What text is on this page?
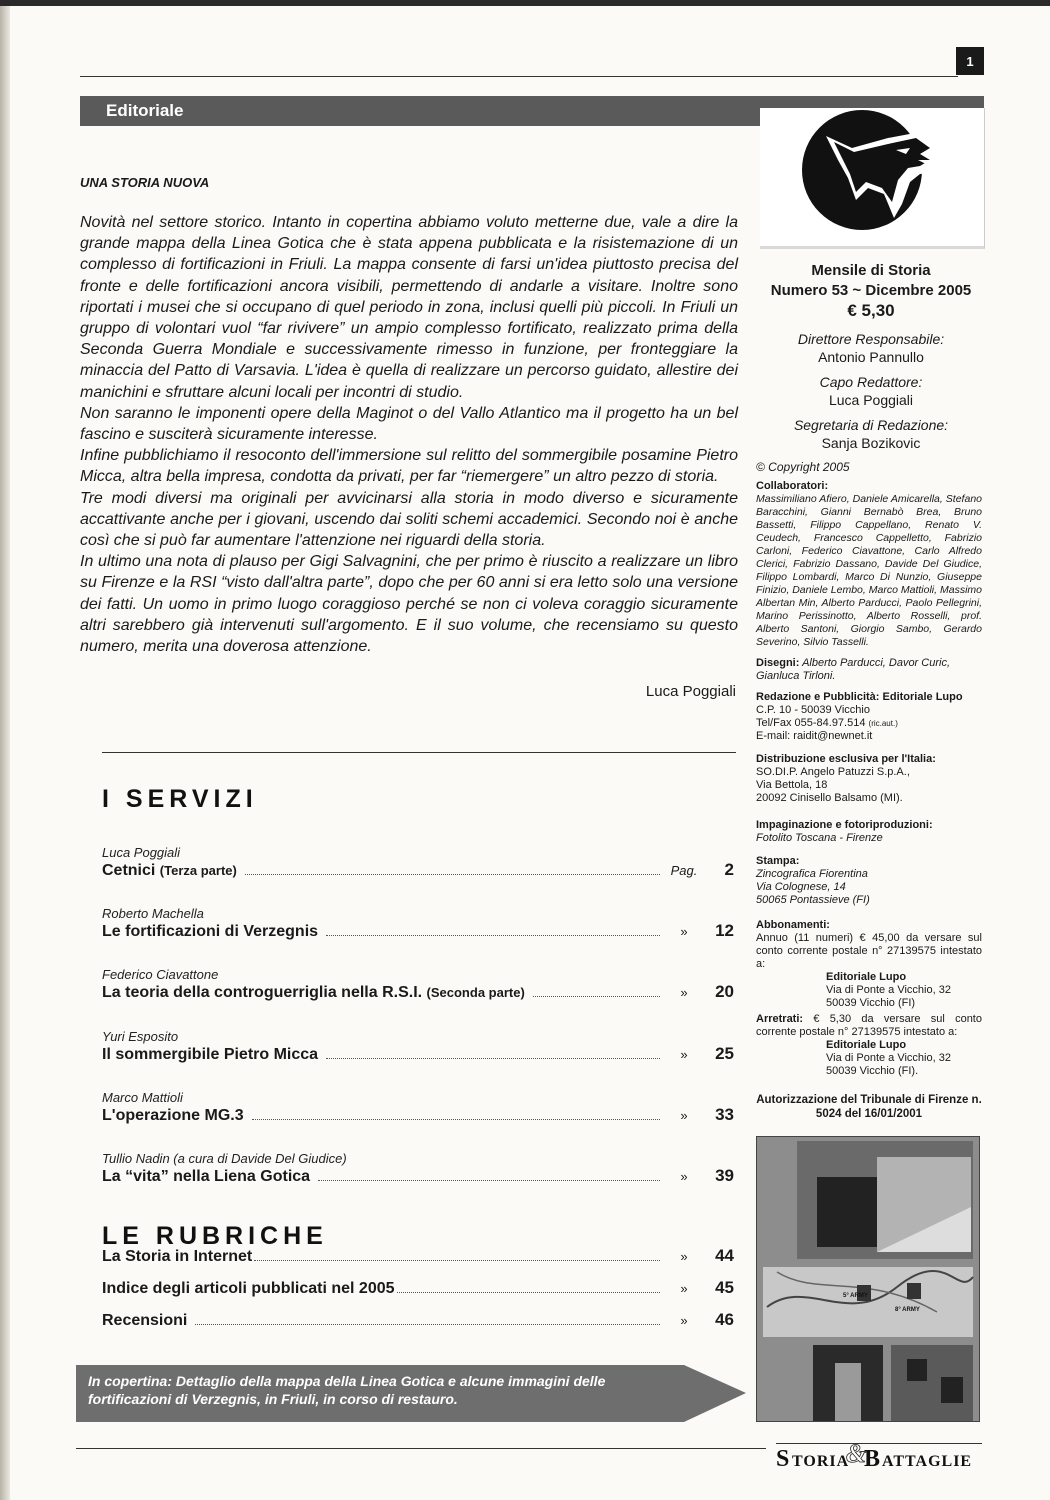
1
Editoriale
UNA STORIA NUOVA

Novità nel settore storico. Intanto in copertina abbiamo voluto metterne due, vale a dire la grande mappa della Linea Gotica che è stata appena pubblicata e la risistemazione di un complesso di fortificazioni in Friuli. La mappa consente di farsi un'idea piuttosto precisa del fronte e delle fortificazioni ancora visibili, permettendo di andarle a visitare. Inoltre sono riportati i musei che si occupano di quel periodo in zona, inclusi quelli più piccoli. In Friuli un gruppo di volontari vuol “far rivivere” un ampio complesso fortificato, realizzato prima della Seconda Guerra Mondiale e successivamente rimesso in funzione, per fronteggiare la minaccia del Patto di Varsavia. L'idea è quella di realizzare un percorso guidato, allestire dei manichini e sfruttare alcuni locali per incontri di studio.

Non saranno le imponenti opere della Maginot o del Vallo Atlantico ma il progetto ha un bel fascino e susciterà sicuramente interesse.

Infine pubblichiamo il resoconto dell'immersione sul relitto del sommergibile posamine Pietro Micca, altra bella impresa, condotta da privati, per far “riemergere” un altro pezzo di storia.

Tre modi diversi ma originali per avvicinarsi alla storia in modo diverso e sicuramente accattivante anche per i giovani, uscendo dai soliti schemi accademici. Secondo noi è anche così che si può far aumentare l'attenzione nei riguardi della storia.

In ultimo una nota di plauso per Gigi Salvagnini, che per primo è riuscito a realizzare un libro su Firenze e la RSI “visto dall'altra parte”, dopo che per 60 anni si era letto solo una versione dei fatti. Un uomo in primo luogo coraggioso perché se non ci voleva coraggio sicuramente altri sarebbero già intervenuti sull'argomento. E il suo volume, che recensiamo su questo numero, merita una doverosa attenzione.

Luca Poggiali
I SERVIZI
Luca Poggiali
Cetnici (Terza parte)	Pag.	2
Roberto Machella
Le fortificazioni di Verzegnis	»	12
Federico Ciavattone
La teoria della controguerriglia nella R.S.I. (Seconda parte)	»	20
Yuri Esposito
Il sommergibile Pietro Micca	»	25
Marco Mattioli
L'operazione MG.3	»	33
Tullio Nadin (a cura di Davide Del Giudice)
La “vita” nella Liena Gotica	»	39
LE RUBRICHE
La Storia in Internet	»	44
Indice degli articoli pubblicati nel 2005	»	45
Recensioni	»	46
In copertina: Dettaglio della mappa della Linea Gotica e alcune immagini delle fortificazioni di Verzegnis, in Friuli, in corso di restauro.
S TORIA
&
B ATTAGLIE
Mensile di Storia
Numero 53 ~ Dicembre 2005
€ 5,30
Direttore Responsabile:
Antonio Pannullo
Capo Redattore:
Luca Poggiali
Segretaria di Redazione:
Sanja Bozikovic
© Copyright 2005
Collaboratori:
Massimiliano Afiero, Daniele Amicarella, Stefano Baracchini, Gianni Bernabò Brea, Bruno Bassetti, Filippo Cappellano, Renato V. Ceudech, Francesco Cappelletto, Fabrizio Carloni, Federico Ciavattone, Carlo Alfredo Clerici, Fabrizio Dassano, Davide Del Giudice, Filippo Lombardi, Marco Di Nunzio, Giuseppe Finizio, Daniele Lembo, Marco Mattioli, Massimo Albertan Min, Alberto Parducci, Paolo Pellegrini, Marino Perissinotto, Alberto Rosselli, prof. Alberto Santoni, Giorgio Sambo, Gerardo Severino, Silvio Tasselli.
Disegni: Alberto Parducci, Davor Curic, Gianluca Tirloni.
Redazione e Pubblicità: Editoriale Lupo C.P. 10 - 50039 Vicchio
Tel/Fax 055-84.97.514 (ric.aut.)
E-mail: raidit@newnet.it
Distribuzione esclusiva per l'Italia:
SO.DI.P. Angelo Patuzzi S.p.A.,
Via Bettola, 18
20092 Cinisello Balsamo (MI).
Impaginazione e fotoriproduzioni:
Fotolito Toscana - Firenze
Stampa:
Zincografica Fiorentina
Via Colognese, 14
50065 Pontassieve (FI)
Abbonamenti:
Annuo (11 numeri) € 45,00 da versare sul conto corrente postale n° 27139575 intestato a:
Editoriale Lupo
Via di Ponte a Vicchio, 32
50039 Vicchio (FI)
Arretrati: € 5,30 da versare sul conto corrente postale n° 27139575 intestato a:
Editoriale Lupo
Via di Ponte a Vicchio, 32
50039 Vicchio (FI).
Autorizzazione del Tribunale di Firenze n. 5024 del 16/01/2001
5° ARMY
8° ARMY
